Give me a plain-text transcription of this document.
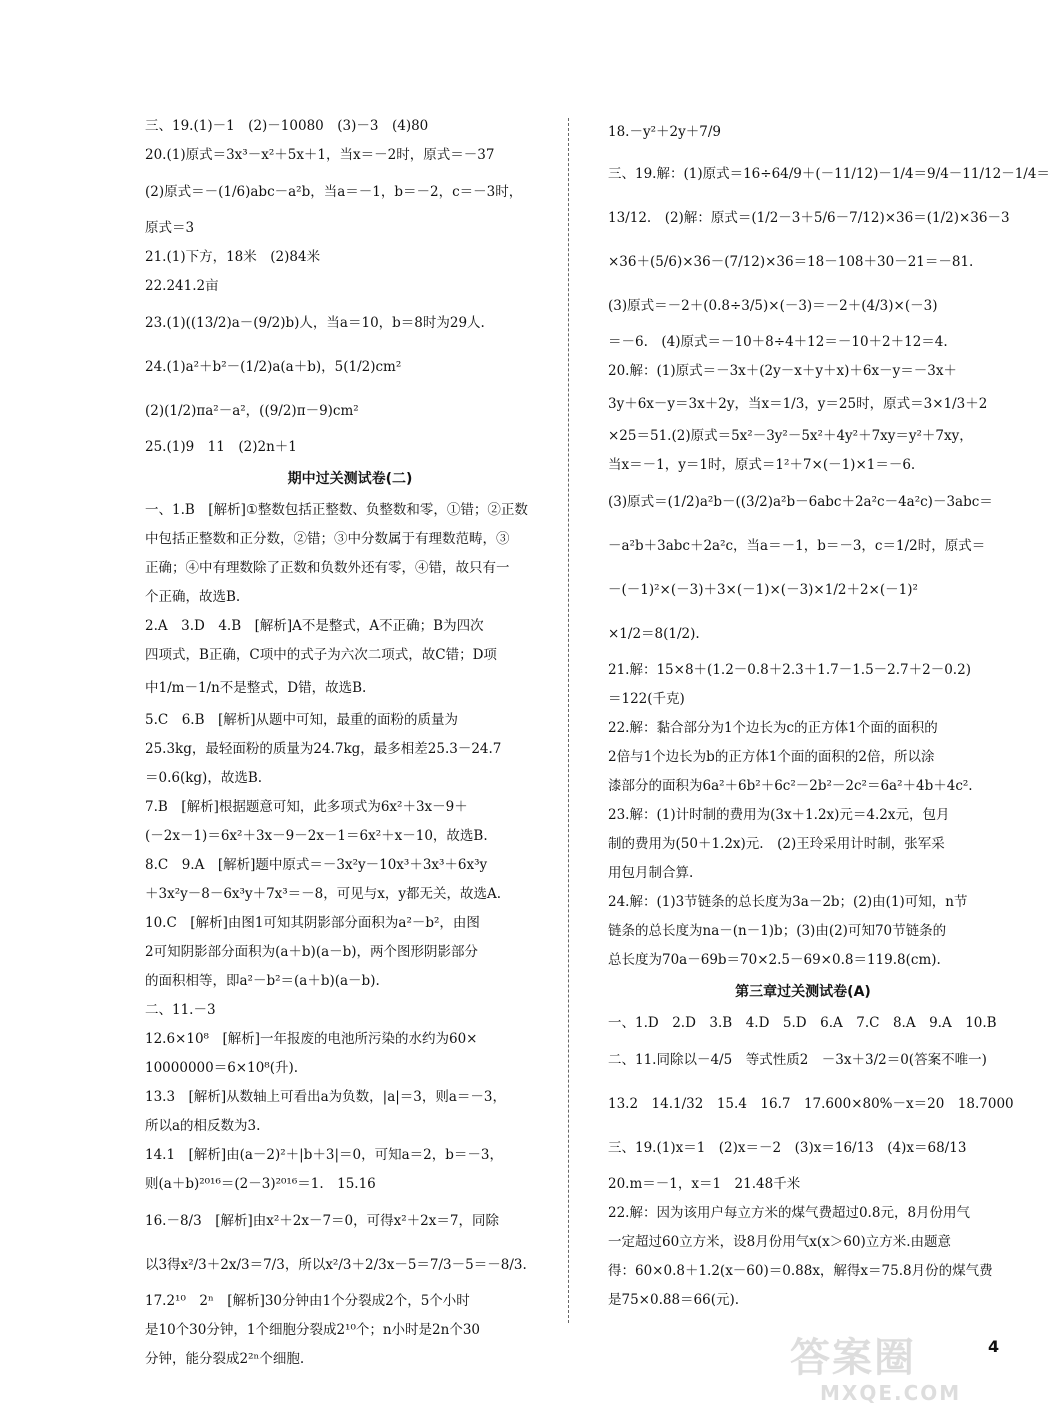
三、19.(1)－1　(2)－10080　(3)－3　(4)80
20.(1)原式＝3x³－x²＋5x＋1，当x＝－2时，原式＝－37
(2)原式＝－(1/6)abc－a²b，当a＝－1，b＝－2，c＝－3时，
原式＝3
21.(1)下方，18米　(2)84米
22.241.2亩
23.(1)((13/2)a－(9/2)b)人，当a＝10，b＝8时为29人.
24.(1)a²＋b²－(1/2)a(a＋b)，5(1/2)cm²
(2)(1/2)πa²－a²，((9/2)π－9)cm²
25.(1)9　11　(2)2n＋1
期中过关测试卷(二)
一、1.B　[解析]①整数包括正整数、负整数和零，①错；②正数
中包括正整数和正分数，②错；③中分数属于有理数范畴，③
正确；④中有理数除了正数和负数外还有零，④错，故只有一
个正确，故选B.
2.A　3.D　4.B　[解析]A不是整式，A不正确；B为四次
四项式，B正确，C项中的式子为六次二项式，故C错；D项
中1/m－1/n不是整式，D错，故选B.
5.C　6.B　[解析]从题中可知，最重的面粉的质量为
25.3kg，最轻面粉的质量为24.7kg，最多相差25.3－24.7
＝0.6(kg)，故选B.
7.B　[解析]根据题意可知，此多项式为6x²＋3x－9＋
(－2x－1)＝6x²＋3x－9－2x－1＝6x²＋x－10，故选B.
8.C　9.A　[解析]题中原式＝－3x²y－10x³＋3x³＋6x³y
＋3x²y－8－6x³y＋7x³＝－8，可见与x，y都无关，故选A.
10.C　[解析]由图1可知其阴影部分面积为a²－b²，由图
2可知阴影部分面积为(a＋b)(a－b)，两个图形阴影部分
的面积相等，即a²－b²＝(a＋b)(a－b).
二、11.－3
12.6×10⁸　[解析]一年报废的电池所污染的水约为60×
10000000＝6×10⁸(升).
13.3　[解析]从数轴上可看出a为负数，|a|＝3，则a＝－3，
所以a的相反数为3.
14.1　[解析]由(a－2)²＋|b＋3|＝0，可知a＝2，b＝－3，
则(a＋b)²⁰¹⁶＝(2－3)²⁰¹⁶＝1.　15.16
16.－8/3　[解析]由x²＋2x－7＝0，可得x²＋2x＝7，同除
以3得x²/3＋2x/3＝7/3，所以x²/3＋2/3x－5＝7/3－5＝－8/3.
17.2¹⁰　2ⁿ　[解析]30分钟由1个分裂成2个，5个小时
是10个30分钟，1个细胞分裂成2¹⁰个；n小时是2n个30
分钟，能分裂成2²ⁿ个细胞.
18.－y²＋2y＋7/9
三、19.解：(1)原式＝16÷64/9＋(－11/12)－1/4＝9/4－11/12－1/4＝
13/12.　(2)解：原式＝(1/2－3＋5/6－7/12)×36＝(1/2)×36－3
×36＋(5/6)×36－(7/12)×36＝18－108＋30－21＝－81.
(3)原式＝－2＋(0.8÷3/5)×(－3)＝－2＋(4/3)×(－3)
＝－6.　(4)原式＝－10＋8÷4＋12＝－10＋2＋12＝4.
20.解：(1)原式＝－3x＋(2y－x＋y＋x)＋6x－y＝－3x＋
3y＋6x－y＝3x＋2y，当x＝1/3，y＝25时，原式＝3×1/3＋2
×25＝51.(2)原式＝5x²－3y²－5x²＋4y²＋7xy＝y²＋7xy，
当x＝－1，y＝1时，原式＝1²＋7×(－1)×1＝－6.
(3)原式＝(1/2)a²b－((3/2)a²b－6abc＋2a²c－4a²c)－3abc＝
－a²b＋3abc＋2a²c，当a＝－1，b＝－3，c＝1/2时，原式＝
－(－1)²×(－3)＋3×(－1)×(－3)×1/2＋2×(－1)²
×1/2＝8(1/2).
21.解：15×8＋(1.2－0.8＋2.3＋1.7－1.5－2.7＋2－0.2)
＝122(千克)
22.解：黏合部分为1个边长为c的正方体1个面的面积的
2倍与1个边长为b的正方体1个面的面积的2倍，所以涂
漆部分的面积为6a²＋6b²＋6c²－2b²－2c²＝6a²＋4b＋4c².
23.解：(1)计时制的费用为(3x＋1.2x)元＝4.2x元，包月
制的费用为(50＋1.2x)元.　(2)王玲采用计时制，张军采
用包月制合算.
24.解：(1)3节链条的总长度为3a－2b；(2)由(1)可知，n节
链条的总长度为na－(n－1)b；(3)由(2)可知70节链条的
总长度为70a－69b＝70×2.5－69×0.8＝119.8(cm).
第三章过关测试卷(A)
一、1.D　2.D　3.B　4.D　5.D　6.A　7.C　8.A　9.A　10.B
二、11.同除以－4/5　等式性质2　－3x＋3/2＝0(答案不唯一)
13.2　14.1/32　15.4　16.7　17.600×80%－x＝20　18.7000
三、19.(1)x＝1　(2)x＝－2　(3)x＝16/13　(4)x＝68/13
20.m＝－1，x＝1　21.48千米
22.解：因为该用户每立方米的煤气费超过0.8元，8月份用气
一定超过60立方米，设8月份用气x(x＞60)立方米.由题意
得：60×0.8＋1.2(x－60)＝0.88x，解得x＝75.8月份的煤气费
是75×0.88＝66(元).
4
答案圈
MXQE.COM
